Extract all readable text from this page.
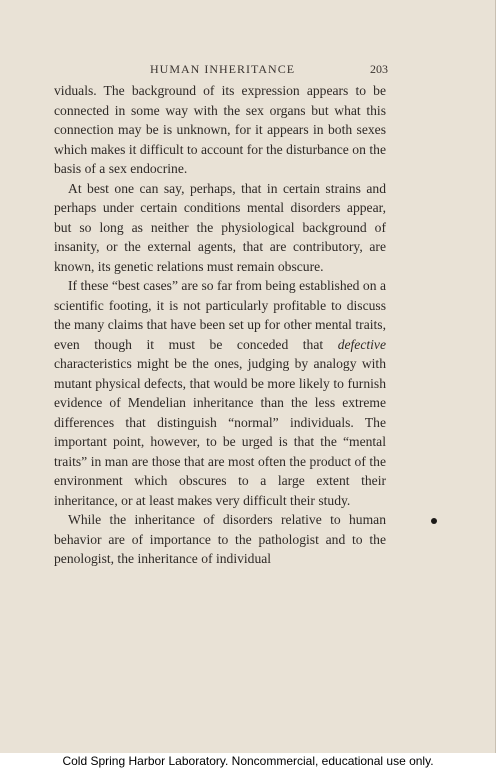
HUMAN INHERITANCE	203

viduals. The background of its expression appears to be connected in some way with the sex organs but what this connection may be is unknown, for it appears in both sexes which makes it difficult to account for the disturbance on the basis of a sex endocrine.

At best one can say, perhaps, that in certain strains and perhaps under certain conditions mental disorders appear, but so long as neither the physiological background of insanity, or the external agents, that are contributory, are known, its genetic relations must remain obscure.

If these “best cases” are so far from being established on a scientific footing, it is not particularly profitable to discuss the many claims that have been set up for other mental traits, even though it must be conceded that defective characteristics might be the ones, judging by analogy with mutant physical defects, that would be more likely to furnish evidence of Mendelian inheritance than the less extreme differences that distinguish “normal” individuals. The important point, however, to be urged is that the “mental traits” in man are those that are most often the product of the environment which obscures to a large extent their inheritance, or at least makes very difficult their study.

While the inheritance of disorders relative to human behavior are of importance to the pathologist and to the penologist, the inheritance of individual

Cold Spring Harbor Laboratory. Noncommercial, educational use only.
